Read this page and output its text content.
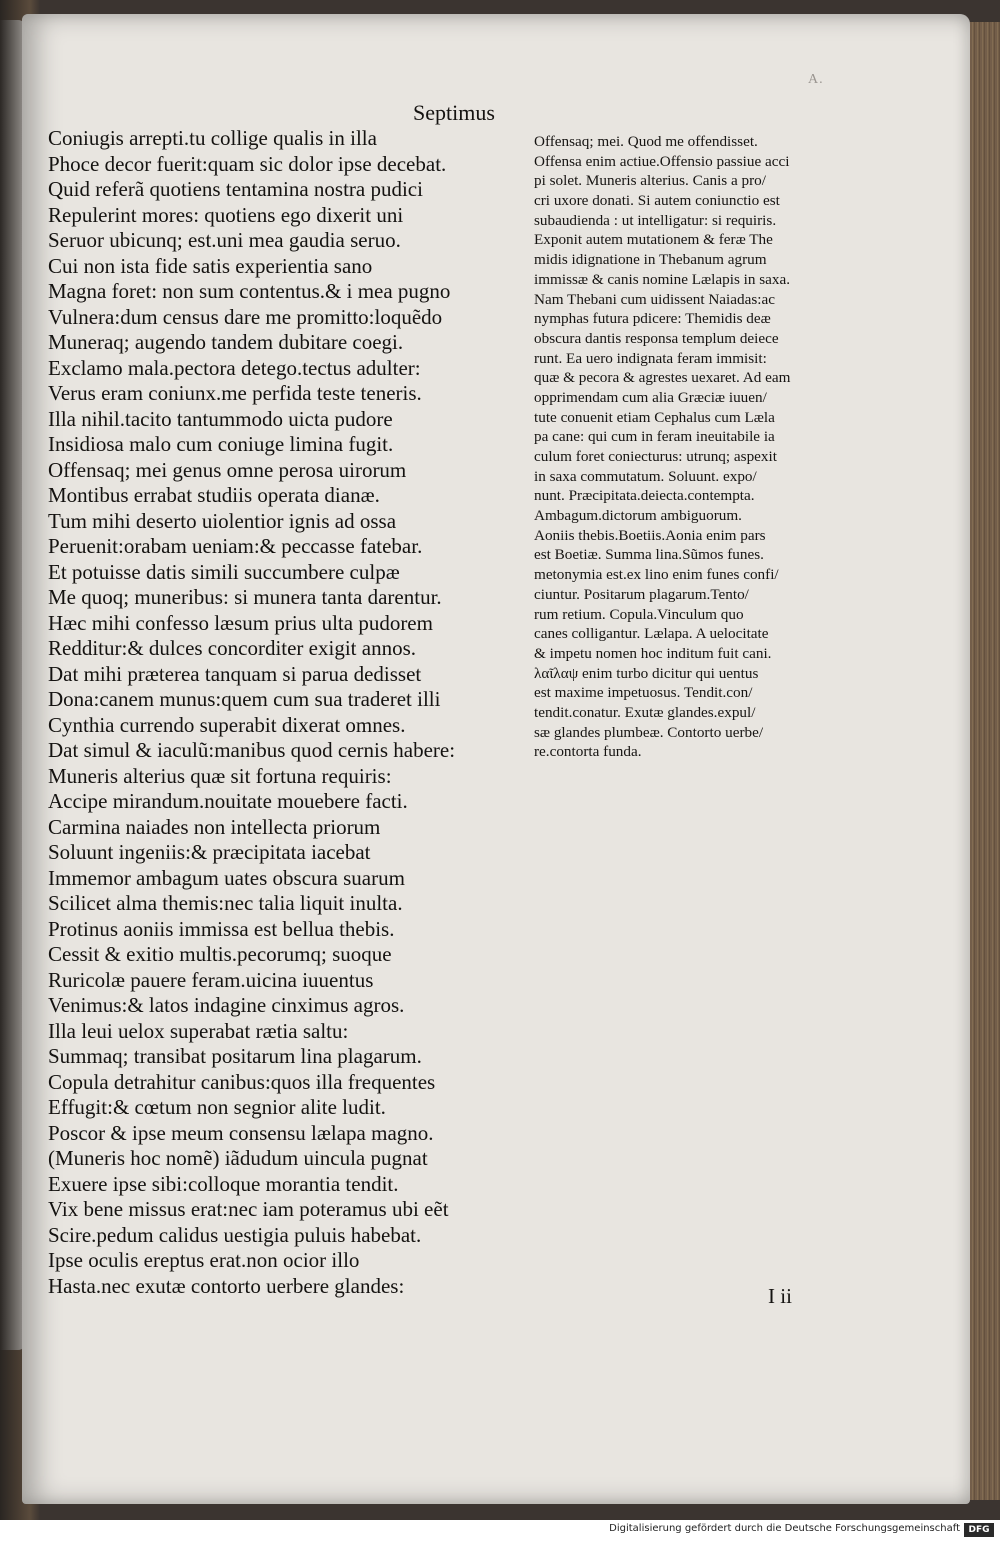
A.
Septimus
Coniugis arrepti.tu collige qualis in illa
Phoce decor fuerit:quam sic dolor ipse decebat.
Quid referã quotiens tentamina nostra pudici
Repulerint mores: quotiens ego dixerit uni
Seruor ubicunq; est.uni mea gaudia seruo.
Cui non ista fide satis experientia sano
Magna foret: non sum contentus.& i mea pugno
Vulnera:dum census dare me promitto:loquẽdo
Muneraq; augendo tandem dubitare coegi.
Exclamo mala.pectora detego.tectus adulter:
Verus eram coniunx.me perfida teste teneris.
Illa nihil.tacito tantummodo uicta pudore
Insidiosa malo cum coniuge limina fugit.
Offensaq; mei genus omne perosa uirorum
Montibus errabat studiis operata dianæ.
Tum mihi deserto uiolentior ignis ad ossa
Peruenit:orabam ueniam:& peccasse fatebar.
Et potuisse datis simili succumbere culpæ
Me quoq; muneribus: si munera tanta darentur.
Hæc mihi confesso læsum prius ulta pudorem
Redditur:& dulces concorditer exigit annos.
Dat mihi præterea tanquam si parua dedisset
Dona:canem munus:quem cum sua traderet illi
Cynthia currendo superabit dixerat omnes.
Dat simul & iaculũ:manibus quod cernis habere:
Muneris alterius quæ sit fortuna requiris:
Accipe mirandum.nouitate mouebere facti.
Carmina naiades non intellecta priorum
Soluunt ingeniis:& præcipitata iacebat
Immemor ambagum uates obscura suarum
Scilicet alma themis:nec talia liquit inulta.
Protinus aoniis immissa est bellua thebis.
Cessit & exitio multis.pecorumq; suoque
Ruricolæ pauere feram.uicina iuuentus
Venimus:& latos indagine cinximus agros.
Illa leui uelox superabat rætia saltu:
Summaq; transibat positarum lina plagarum.
Copula detrahitur canibus:quos illa frequentes
Effugit:& cœtum non segnior alite ludit.
Poscor & ipse meum consensu lælapa magno.
(Muneris hoc nomẽ) iãdudum uincula pugnat
Exuere ipse sibi:colloque morantia tendit.
Vix bene missus erat:nec iam poteramus ubi eẽt
Scire.pedum calidus uestigia puluis habebat.
Ipse oculis ereptus erat.non ocior illo
Hasta.nec exutæ contorto uerbere glandes:
Offensaq; mei. Quod me offendisset.
Offensa enim actiue.Offensio passiue acci
pi solet. Muneris alterius. Canis a pro/
cri uxore donati. Si autem coniunctio est
subaudienda : ut intelligatur: si requiris.
Exponit autem mutationem & feræ The
midis idignatione in Thebanum agrum
immissæ & canis nomine Lælapis in saxa.
Nam Thebani cum uidissent Naiadas:ac
nymphas futura pdicere: Themidis deæ
obscura dantis responsa templum deiece
runt. Ea uero indignata feram immisit:
quæ & pecora & agrestes uexaret. Ad eam
opprimendam cum alia Græciæ iuuen/
tute conuenit etiam Cephalus cum Læla
pa cane: qui cum in feram ineuitabile ia
culum foret coniecturus: utrunq; aspexit
in saxa commutatum. Soluunt. expo/
nunt. Præcipitata.deiecta.contempta.
Ambagum.dictorum ambiguorum.
Aoniis thebis.Boetiis.Aonia enim pars
est Boetiæ. Summa lina.Sũmos funes.
metonymia est.ex lino enim funes confi/
ciuntur. Positarum plagarum.Tento/
rum retium. Copula.Vinculum quo
canes colligantur. Lælapa. A uelocitate
& impetu nomen hoc inditum fuit cani.
λαῖλαψ enim turbo dicitur qui uentus
est maxime impetuosus. Tendit.con/
tendit.conatur. Exutæ glandes.expul/
sæ glandes plumbeæ. Contorto uerbe/
re.contorta funda.
I ii
Digitalisierung gefördert durch die Deutsche Forschungsgemeinschaft DFG
